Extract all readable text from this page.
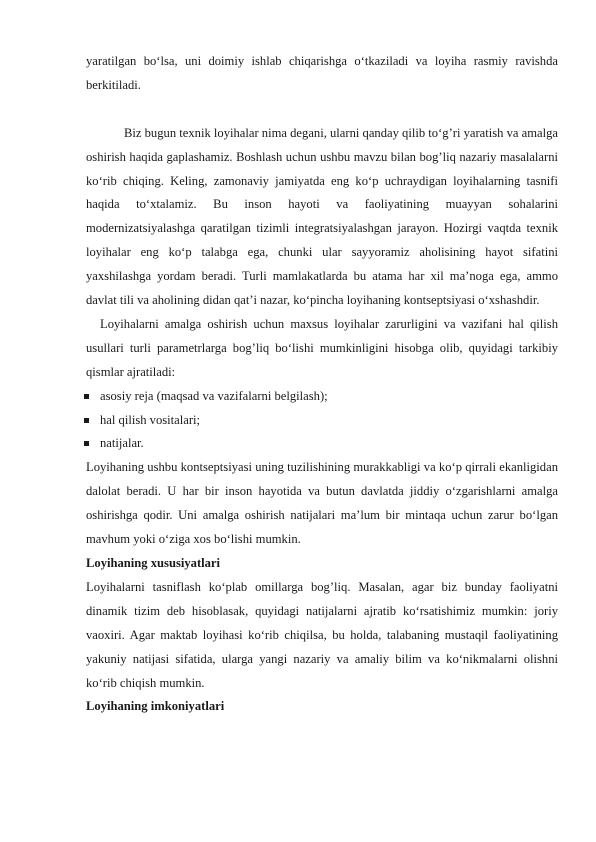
yaratilgan bo‘lsa, uni doimiy ishlab chiqarishga o‘tkaziladi va loyiha rasmiy ravishda berkitiladi.

Biz bugun texnik loyihalar nima degani, ularni qanday qilib to‘g’ri yaratish va amalga oshirish haqida gaplashamiz. Boshlash uchun ushbu mavzu bilan bog’liq nazariy masalalarni ko‘rib chiqing. Keling, zamonaviy jamiyatda eng ko‘p uchraydigan loyihalarning tasnifi haqida to‘xtalamiz. Bu inson hayoti va faoliyatining muayyan sohalarini modernizatsiyalashga qaratilgan tizimli integratsiyalashgan jarayon. Hozirgi vaqtda texnik loyihalar eng ko‘p talabga ega, chunki ular sayyoramiz aholisining hayot sifatini yaxshilashga yordam beradi. Turli mamlakatlarda bu atama har xil ma’noga ega, ammo davlat tili va aholining didan qat’i nazar, ko‘pincha loyihaning kontseptsiyasi o‘xshashdir.

Loyihalarni amalga oshirish uchun maxsus loyihalar zarurligini va vazifani hal qilish usullari turli parametrlarga bog’liq bo‘lishi mumkinligini hisobga olib, quyidagi tarkibiy qismlar ajratiladi:

asosiy reja (maqsad va vazifalarni belgilash);
hal qilish vositalari;
natijalar.

Loyihaning ushbu kontseptsiyasi uning tuzilishining murakkabligi va ko‘p qirrali ekanligidan dalolat beradi. U har bir inson hayotida va butun davlatda jiddiy o‘zgarishlarni amalga oshirishga qodir. Uni amalga oshirish natijalari ma’lum bir mintaqa uchun zarur bo‘lgan mavhum yoki o‘ziga xos bo‘lishi mumkin.

Loyihaning xususiyatlari

Loyihalarni tasniflash ko‘plab omillarga bog’liq. Masalan, agar biz bunday faoliyatni dinamik tizim deb hisoblasak, quyidagi natijalarni ajratib ko‘rsatishimiz mumkin: joriy vaoxiri. Agar maktab loyihasi ko‘rib chiqilsa, bu holda, talabaning mustaqil faoliyatining yakuniy natijasi sifatida, ularga yangi nazariy va amaliy bilim va ko‘nikmalarni olishni ko‘rib chiqish mumkin.

Loyihaning imkoniyatlari
